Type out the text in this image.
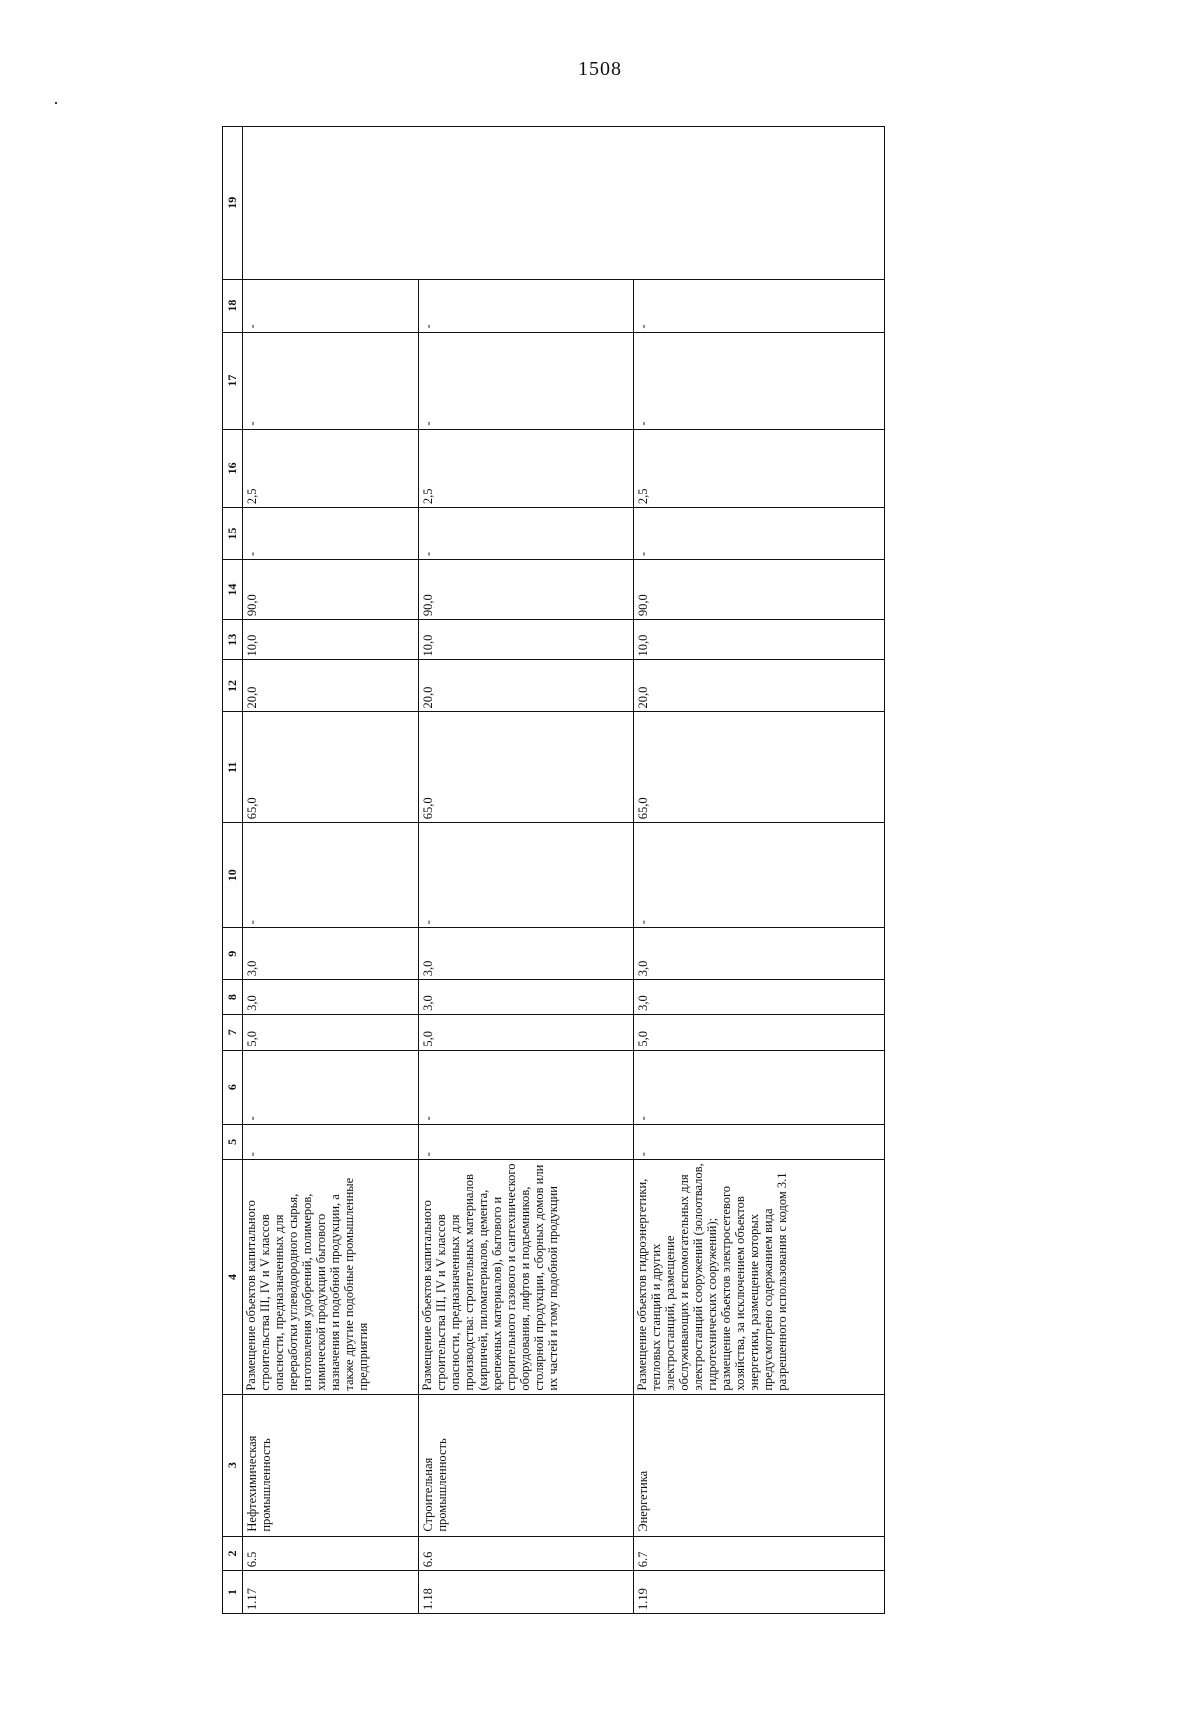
1508
1	2	3	4	5	6	7	8	9	10	11	12	13	14	15	16	17	18	19
1.17	6.5	Нефтехимическая промышленность	Размещение объектов капитального строительства III, IV и V классов опасности, предназначенных для переработки углеводородного сырья, изготовления удобрений, полимеров, химической продукции бытового назначения и подобной продукции, а также другие подобные промышленные предприятия	-	-	5,0	3,0	3,0	-	65,0	20,0	10,0	90,0	-	2,5	-	-	
1.18	6.6	Строительная промышленность	Размещение объектов капитального строительства III, IV и V классов опасности, предназначенных для производства: строительных материалов (кирпичей, пиломатериалов, цемента, крепежных материалов), бытового и строительного газового и сантехнического оборудования, лифтов и подъемников, столярной продукции, сборных домов или их частей и тому подобной продукции	-	-	5,0	3,0	3,0	-	65,0	20,0	10,0	90,0	-	2,5	-	-	
1.19	6.7	Энергетика	Размещение объектов гидроэнергетики, тепловых станций и других электростанций, размещение обслуживающих и вспомогательных для электростанций сооружений (золоотвалов, гидротехнических сооружений); размещение объектов электросетевого хозяйства, за исключением объектов энергетики, размещение которых предусмотрено содержанием вида разрешенного использования с кодом 3.1	-	-	5,0	3,0	3,0	-	65,0	20,0	10,0	90,0	-	2,5	-	-	
